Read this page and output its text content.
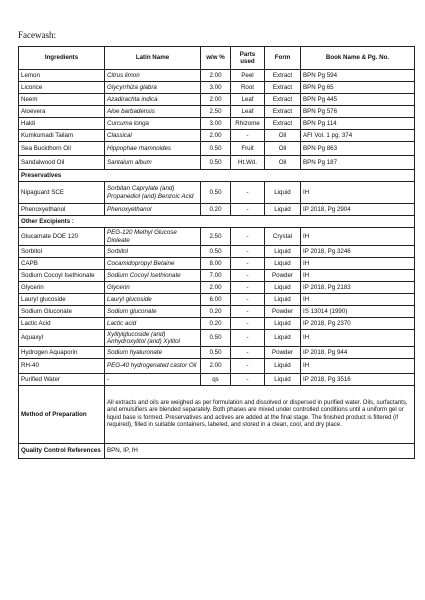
Facewash:
Ingredients	Latin Name	w/w %	Parts used	Form	Book Name & Pg. No.
Lemon	Citrus limon	2.00	Peel	Extract	BPN Pg 594
Licorice	Glycyrrhiza glabra	3.00	Root	Extract	BPN Pg 65
Neem	Azadirachta indica	2.00	Leaf	Extract	BPN Pg 445
Aloevera	Aloe barbadensis	2.50	Leaf	Extract	BPN Pg 576
Haldi	Curcuma longa	3.00	Rhizome	Extract	BPN Pg 114
Kumkumadi Tailam	Classical	2.00	-	Oil	AFI Vol. 1 pg. 374
Sea Buckthorn Oil	Hippophae rhamnoides	0.50	Fruit	Oil	BPN Pg 863
Sandalwood Oil	Santalum album	0.50	Ht.Wd.	Oil	BPN Pg 187
Preservatives					
Nipaguard SCE	Sorbitan Caprylate (and) Propanediol (and) Benzoic Acid	0.50	-	Liquid	IH
Phenoxyethanol	Phenoxyethanol	0.20	-	Liquid	IP 2018, Pg 2904
Other Excipients :					
Glucamate DOE 120	PEG-120 Methyl Glucose Dioleate	2.50	-	Crystal	IH
Sorbitol	Sorbitol	0.50	-	Liquid	IP 2018, Pg 3246
CAPB	Cocamidopropyl Betaine	8.00	-	Liquid	IH
Sodium Cocoyl Isethionate	Sodium Cocoyl Isethionate	7.00	-	Powder	IH
Glycerin	Glycerin	2.00	-	Liquid	IP 2018, Pg 2183
Lauryl glucoside	Lauryl glucoside	6.00	-	Liquid	IH
Sodium Gluconate	Sodium gluconate	0.20	-	Powder	IS 13014 (1990)
Lactic Acid	Lactic acid	0.20	-	Liquid	IP 2018, Pg 2370
Aquaxyl	Xylitylglucoside (and) Anhydroxylitol (and) Xylitol	0.50	-	Liquid	IH
Hydrogen Aquaporin	Sodium hyaluronate	0.50	-	Powder	IP 2018, Pg 944
RH-40	PEG-40 hydrogenated castor Oil	2.00	-	Liquid	IH
Purified Water	-	qs	-	Liquid	IP 2018, Pg 3516
Method of Preparation	All extracts and oils are weighed as per formulation and dissolved or dispersed in purified water. Oils, surfactants, and emulsifiers are blended separately. Both phases are mixed under controlled conditions until a uniform gel or liquid base is formed. Preservatives and actives are added at the final stage. The finished product is filtered (if required), filled in suitable containers, labeled, and stored in a clean, cool, and dry place.				
Quality Control References	BPN, IP, IH				
